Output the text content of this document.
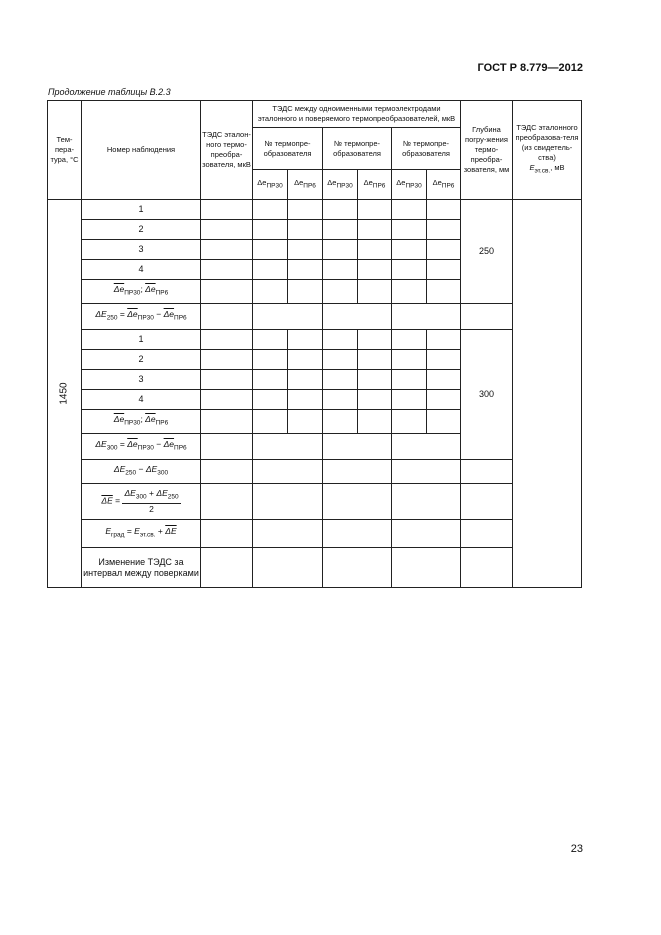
ГОСТ Р 8.779—2012
Продолжение таблицы В.2.3
Тем-пера-тура, °C	Номер наблюдения	ТЭДС эталон-ного термо-преобра-зователя, мкВ	ТЭДС между одноименными термоэлектродами эталонного и поверяемого термопреобразователей, мкВ						Глубина погру-жения термо-преобра-зователя, мм	ТЭДС эталонного преобразова-теля (из свидетель-ства)
$E_{эт.св.}$, мВ
			№ термопре-образователя		№ термопре-образователя		№ термопре-образователя			
			$\Delta e_{ПР30}$	$\Delta e_{ПР6}$	$\Delta e_{ПР30}$	$\Delta e_{ПР6}$	$\Delta e_{ПР30}$	$\Delta e_{ПР6}$
1450	1								250	
	2									
	3									
	4									
	$\overline{\Delta e}_{ПР30}$; $\overline{\Delta e}_{ПР6}$							
	$\Delta E_{250} = \overline{\Delta e}_{ПР30} - \overline{\Delta e}_{ПР6}$					
	1								300	
	2									
	3									
	4									
	$\overline{\Delta e}_{ПР30}$; $\overline{\Delta e}_{ПР6}$							
	$\Delta E_{300} = \overline{\Delta e}_{ПР30} - \overline{\Delta e}_{ПР6}$				
	$\Delta E_{250} - \Delta E_{300}$					
	$\overline{\Delta E} = \frac{\Delta E_{300} + \Delta E_{250}}{2}$

	$E_{град} = E_{эт.св.} + \overline{\Delta E}$					
	Изменение ТЭДС за интервал между поверками									
23
